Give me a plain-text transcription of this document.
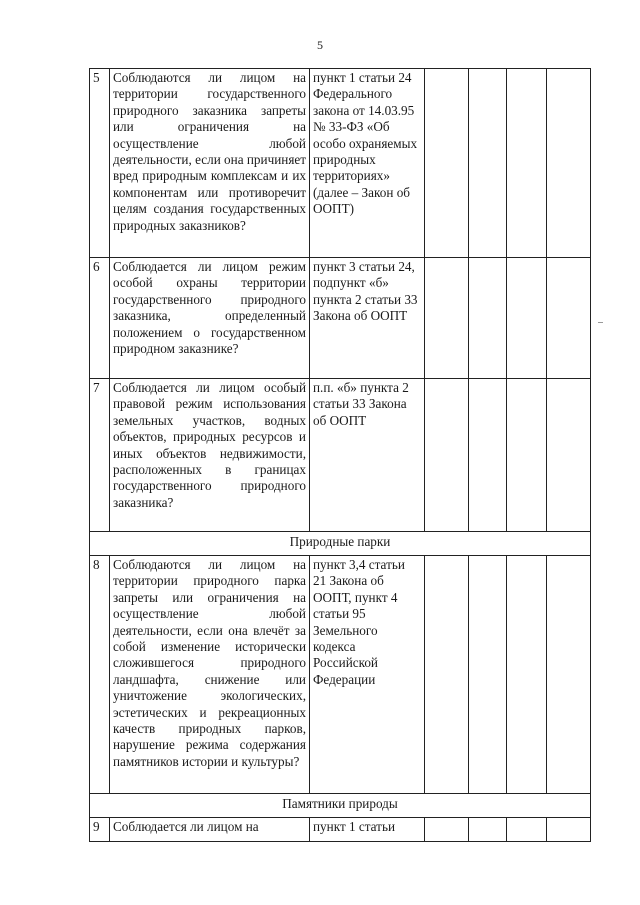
5
5	Соблюдаются ли лицом на территории государственного природного заказника запреты или ограничения на осуществление любой деятельности, если она причиняет вред природным комплексам и их компонентам или противоречит целям создания государственных природных заказников?	пункт 1 статьи 24 Федерального закона от 14.03.95 № 33-ФЗ «Об особо охраняемых природных территориях» (далее – Закон об ООПТ)				
6	Соблюдается ли лицом режим особой охраны территории государственного природного заказника, определенный положением о государственном природном заказнике?	пункт 3 статьи 24, подпункт «б» пункта 2 статьи 33 Закона об ООПТ				
7	Соблюдается ли лицом особый правовой режим использования земельных участков, водных объектов, природных ресурсов и иных объектов недвижимости, расположенных в границах государственного природного заказника?	п.п. «б» пункта 2 статьи 33 Закона об ООПТ				
Природные парки						
8	Соблюдаются ли лицом на территории природного парка запреты или ограничения на осуществление любой деятельности, если она влечёт за собой изменение исторически сложившегося природного ландшафта, снижение или уничтожение экологических, эстетических и рекреационных качеств природных парков, нарушение режима содержания памятников истории и культуры?	пункт 3,4 статьи 21 Закона об ООПТ, пункт 4 статьи 95 Земельного кодекса Российской Федерации				
Памятники природы						
9	Соблюдается ли лицом на	пункт 1 статьи				
